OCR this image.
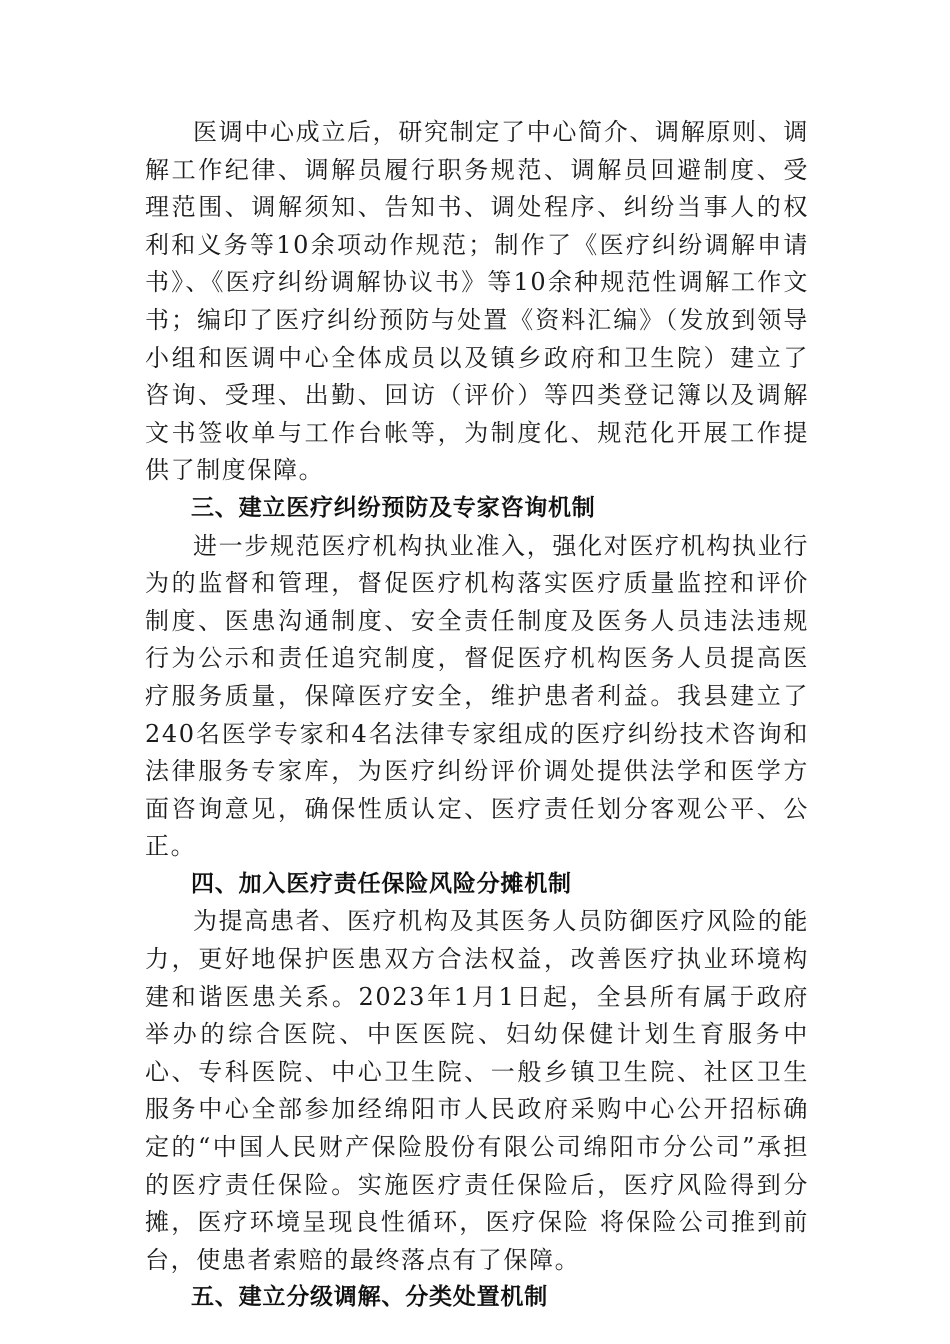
医调中心成立后，研究制定了中心简介、调解原则、调解工作纪律、调解员履行职务规范、调解员回避制度、受理范围、调解须知、告知书、调处程序、纠纷当事人的权利和义务等10余项动作规范；制作了《医疗纠纷调解申请书》、《医疗纠纷调解协议书》等10余种规范性调解工作文书；编印了医疗纠纷预防与处置《资料汇编》（发放到领导小组和医调中心全体成员以及镇乡政府和卫生院）建立了咨询、受理、出勤、回访（评价）等四类登记簿以及调解文书签收单与工作台帐等，为制度化、规范化开展工作提供了制度保障。

三、建立医疗纠纷预防及专家咨询机制

进一步规范医疗机构执业准入，强化对医疗机构执业行为的监督和管理，督促医疗机构落实医疗质量监控和评价制度、医患沟通制度、安全责任制度及医务人员违法违规行为公示和责任追究制度，督促医疗机构医务人员提高医疗服务质量，保障医疗安全，维护患者利益。我县建立了240名医学专家和4名法律专家组成的医疗纠纷技术咨询和法律服务专家库，为医疗纠纷评价调处提供法学和医学方面咨询意见，确保性质认定、医疗责任划分客观公平、公正。

四、加入医疗责任保险风险分摊机制

为提高患者、医疗机构及其医务人员防御医疗风险的能力，更好地保护医患双方合法权益，改善医疗执业环境构建和谐医患关系。2023年1月1日起，全县所有属于政府举办的综合医院、中医医院、妇幼保健计划生育服务中心、专科医院、中心卫生院、一般乡镇卫生院、社区卫生服务中心全部参加经绵阳市人民政府采购中心公开招标确定的“中国人民财产保险股份有限公司绵阳市分公司”承担的医疗责任保险。实施医疗责任保险后，医疗风险得到分摊，医疗环境呈现良性循环，医疗保险 将保险公司推到前台，使患者索赔的最终落点有了保障。

五、建立分级调解、分类处置机制
